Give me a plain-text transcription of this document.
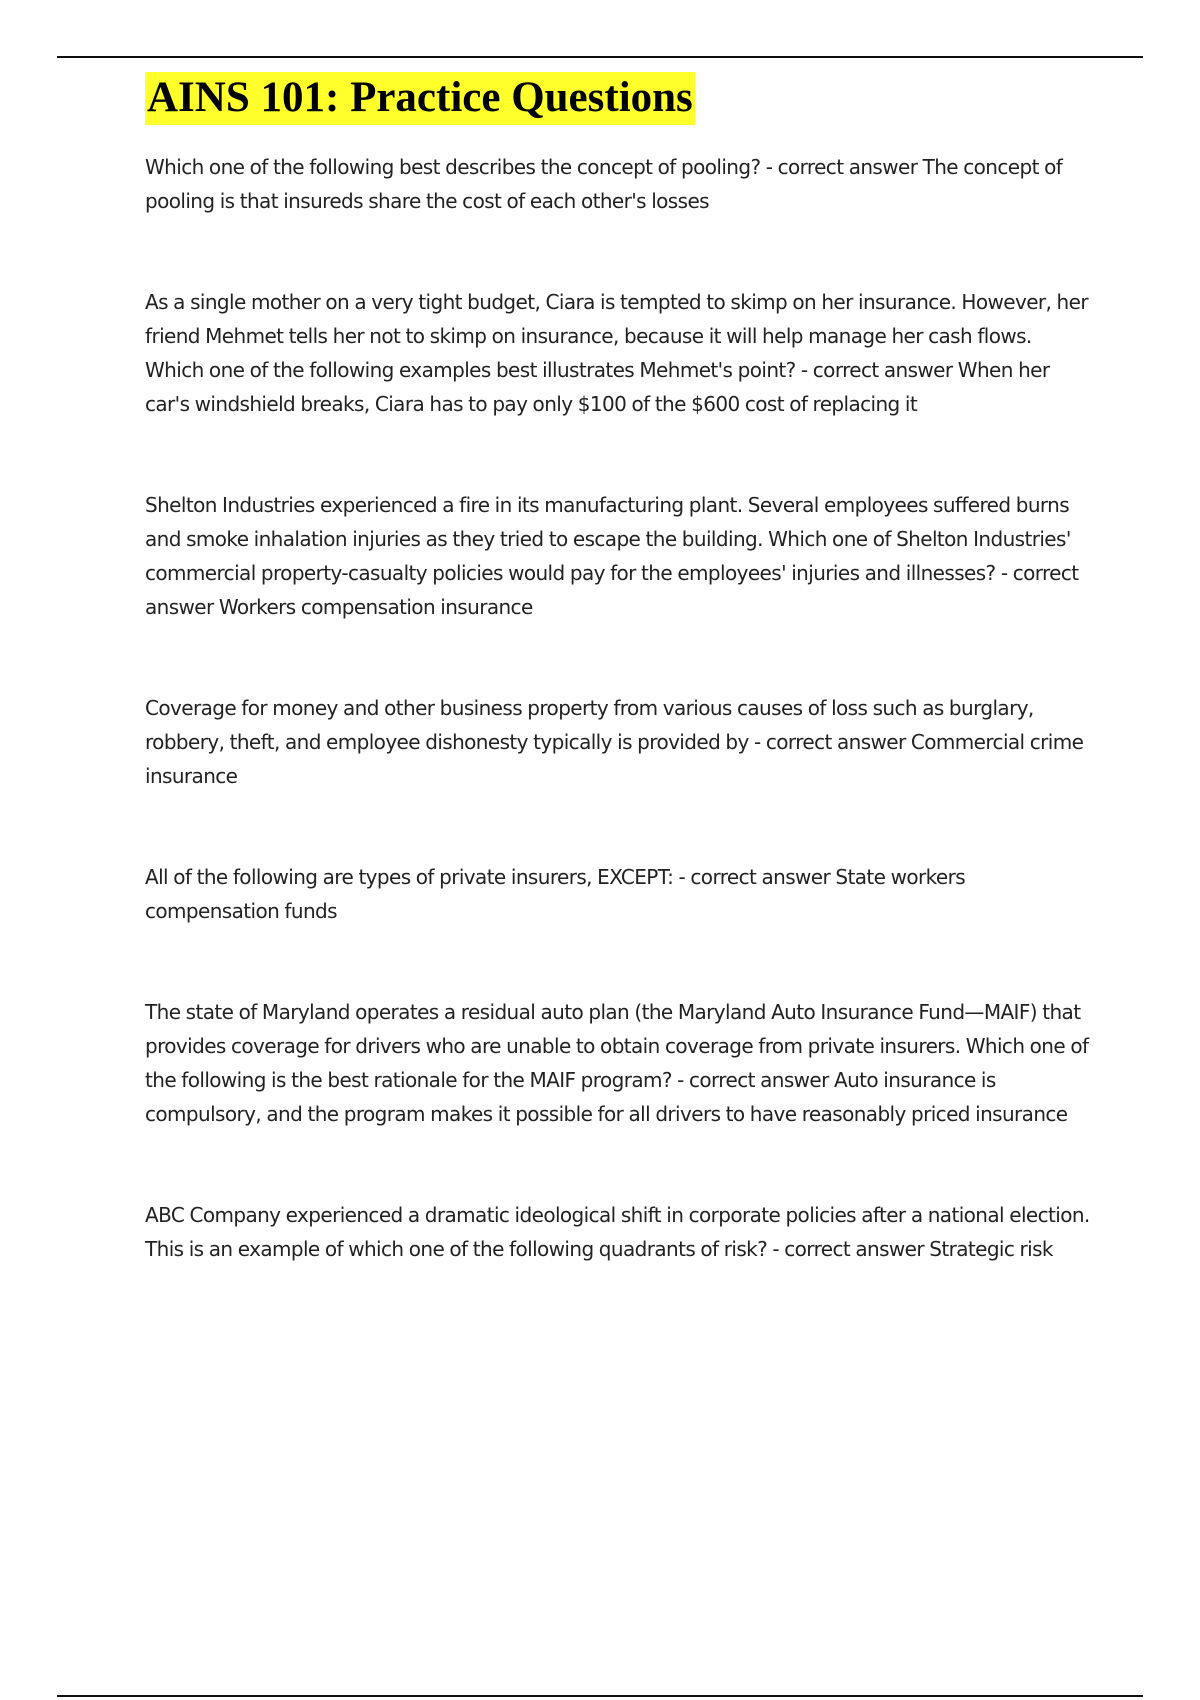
AINS 101: Practice Questions

Which one of the following best describes the concept of pooling? - correct answer The concept of pooling is that insureds share the cost of each other's losses

As a single mother on a very tight budget, Ciara is tempted to skimp on her insurance. However, her friend Mehmet tells her not to skimp on insurance, because it will help manage her cash flows. Which one of the following examples best illustrates Mehmet's point? - correct answer When her car's windshield breaks, Ciara has to pay only $100 of the $600 cost of replacing it

Shelton Industries experienced a fire in its manufacturing plant. Several employees suffered burns and smoke inhalation injuries as they tried to escape the building. Which one of Shelton Industries' commercial property-casualty policies would pay for the employees' injuries and illnesses? - correct answer Workers compensation insurance

Coverage for money and other business property from various causes of loss such as burglary, robbery, theft, and employee dishonesty typically is provided by - correct answer Commercial crime insurance

All of the following are types of private insurers, EXCEPT: - correct answer State workers compensation funds

The state of Maryland operates a residual auto plan (the Maryland Auto Insurance Fund—MAIF) that provides coverage for drivers who are unable to obtain coverage from private insurers. Which one of the following is the best rationale for the MAIF program? - correct answer Auto insurance is compulsory, and the program makes it possible for all drivers to have reasonably priced insurance

ABC Company experienced a dramatic ideological shift in corporate policies after a national election. This is an example of which one of the following quadrants of risk? - correct answer Strategic risk
